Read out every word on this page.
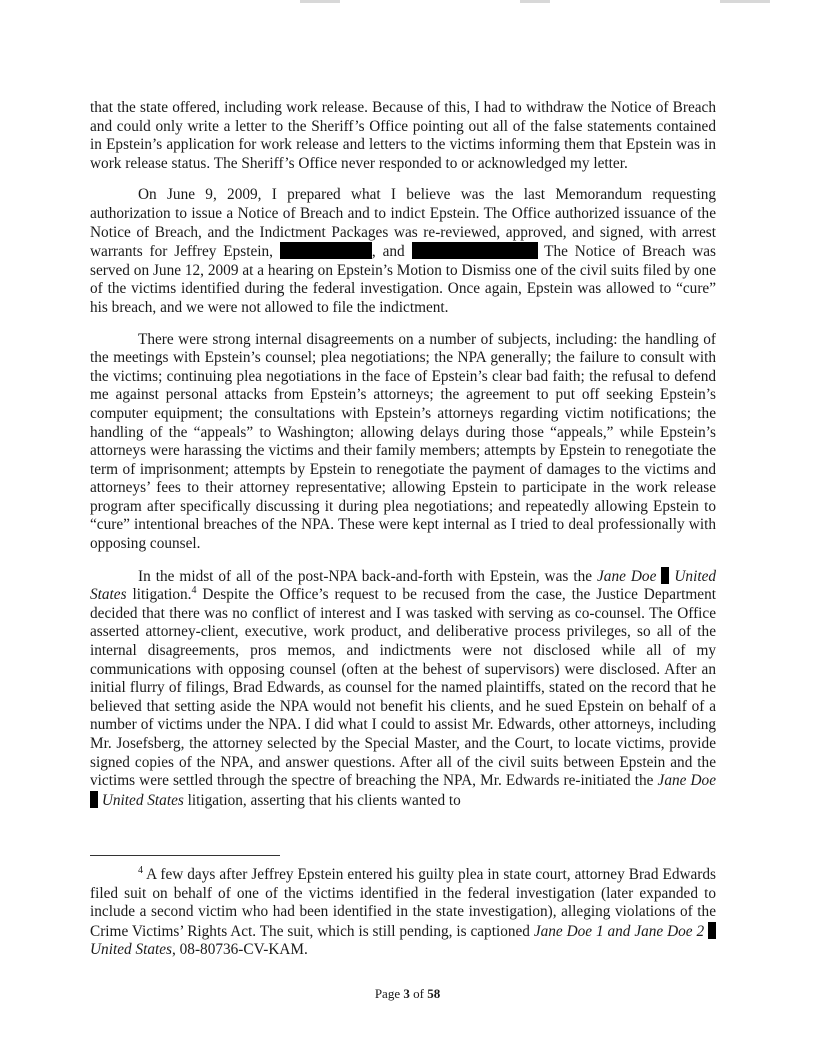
that the state offered, including work release. Because of this, I had to withdraw the Notice of Breach and could only write a letter to the Sheriff’s Office pointing out all of the false statements contained in Epstein’s application for work release and letters to the victims informing them that Epstein was in work release status. The Sheriff’s Office never responded to or acknowledged my letter.

On June 9, 2009, I prepared what I believe was the last Memorandum requesting authorization to issue a Notice of Breach and to indict Epstein. The Office authorized issuance of the Notice of Breach, and the Indictment Packages was re-reviewed, approved, and signed, with arrest warrants for Jeffrey Epstein,	, and	The Notice of Breach was served on June 12, 2009 at a hearing on Epstein’s Motion to Dismiss one of the civil suits filed by one of the victims identified during the federal investigation. Once again, Epstein was allowed to “cure” his breach, and we were not allowed to file the indictment.

There were strong internal disagreements on a number of subjects, including: the handling of the meetings with Epstein’s counsel; plea negotiations; the NPA generally; the failure to consult with the victims; continuing plea negotiations in the face of Epstein’s clear bad faith; the refusal to defend me against personal attacks from Epstein’s attorneys; the agreement to put off seeking Epstein’s computer equipment; the consultations with Epstein’s attorneys regarding victim notifications; the handling of the “appeals” to Washington; allowing delays during those “appeals,” while Epstein’s attorneys were harassing the victims and their family members; attempts by Epstein to renegotiate the term of imprisonment; attempts by Epstein to renegotiate the payment of damages to the victims and attorneys’ fees to their attorney representative; allowing Epstein to participate in the work release program after specifically discussing it during plea negotiations; and repeatedly allowing Epstein to “cure” intentional breaches of the NPA. These were kept internal as I tried to deal professionally with opposing counsel.

In the midst of all of the post-NPA back-and-forth with Epstein, was the Jane Doe United States litigation.$^4$ Despite the Office’s request to be recused from the case, the Justice Department decided that there was no conflict of interest and I was tasked with serving as co-counsel. The Office asserted attorney-client, executive, work product, and deliberative process privileges, so all of the internal disagreements, pros memos, and indictments were not disclosed while all of my communications with opposing counsel (often at the behest of supervisors) were disclosed. After an initial flurry of filings, Brad Edwards, as counsel for the named plaintiffs, stated on the record that he believed that setting aside the NPA would not benefit his clients, and he sued Epstein on behalf of a number of victims under the NPA. I did what I could to assist Mr. Edwards, other attorneys, including Mr. Josefsberg, the attorney selected by the Special Master, and the Court, to locate victims, provide signed copies of the NPA, and answer questions. After all of the civil suits between Epstein and the victims were settled through the spectre of breaching the NPA, Mr. Edwards re-initiated the Jane Doe  United States litigation, asserting that his clients wanted to

$^4$ A few days after Jeffrey Epstein entered his guilty plea in state court, attorney Brad Edwards filed suit on behalf of one of the victims identified in the federal investigation (later expanded to include a second victim who had been identified in the state investigation), alleging violations of the Crime Victims’ Rights Act. The suit, which is still pending, is captioned Jane Doe 1 and Jane Doe 2  United States, 08-80736-CV-KAM.
Page 3 of 58
